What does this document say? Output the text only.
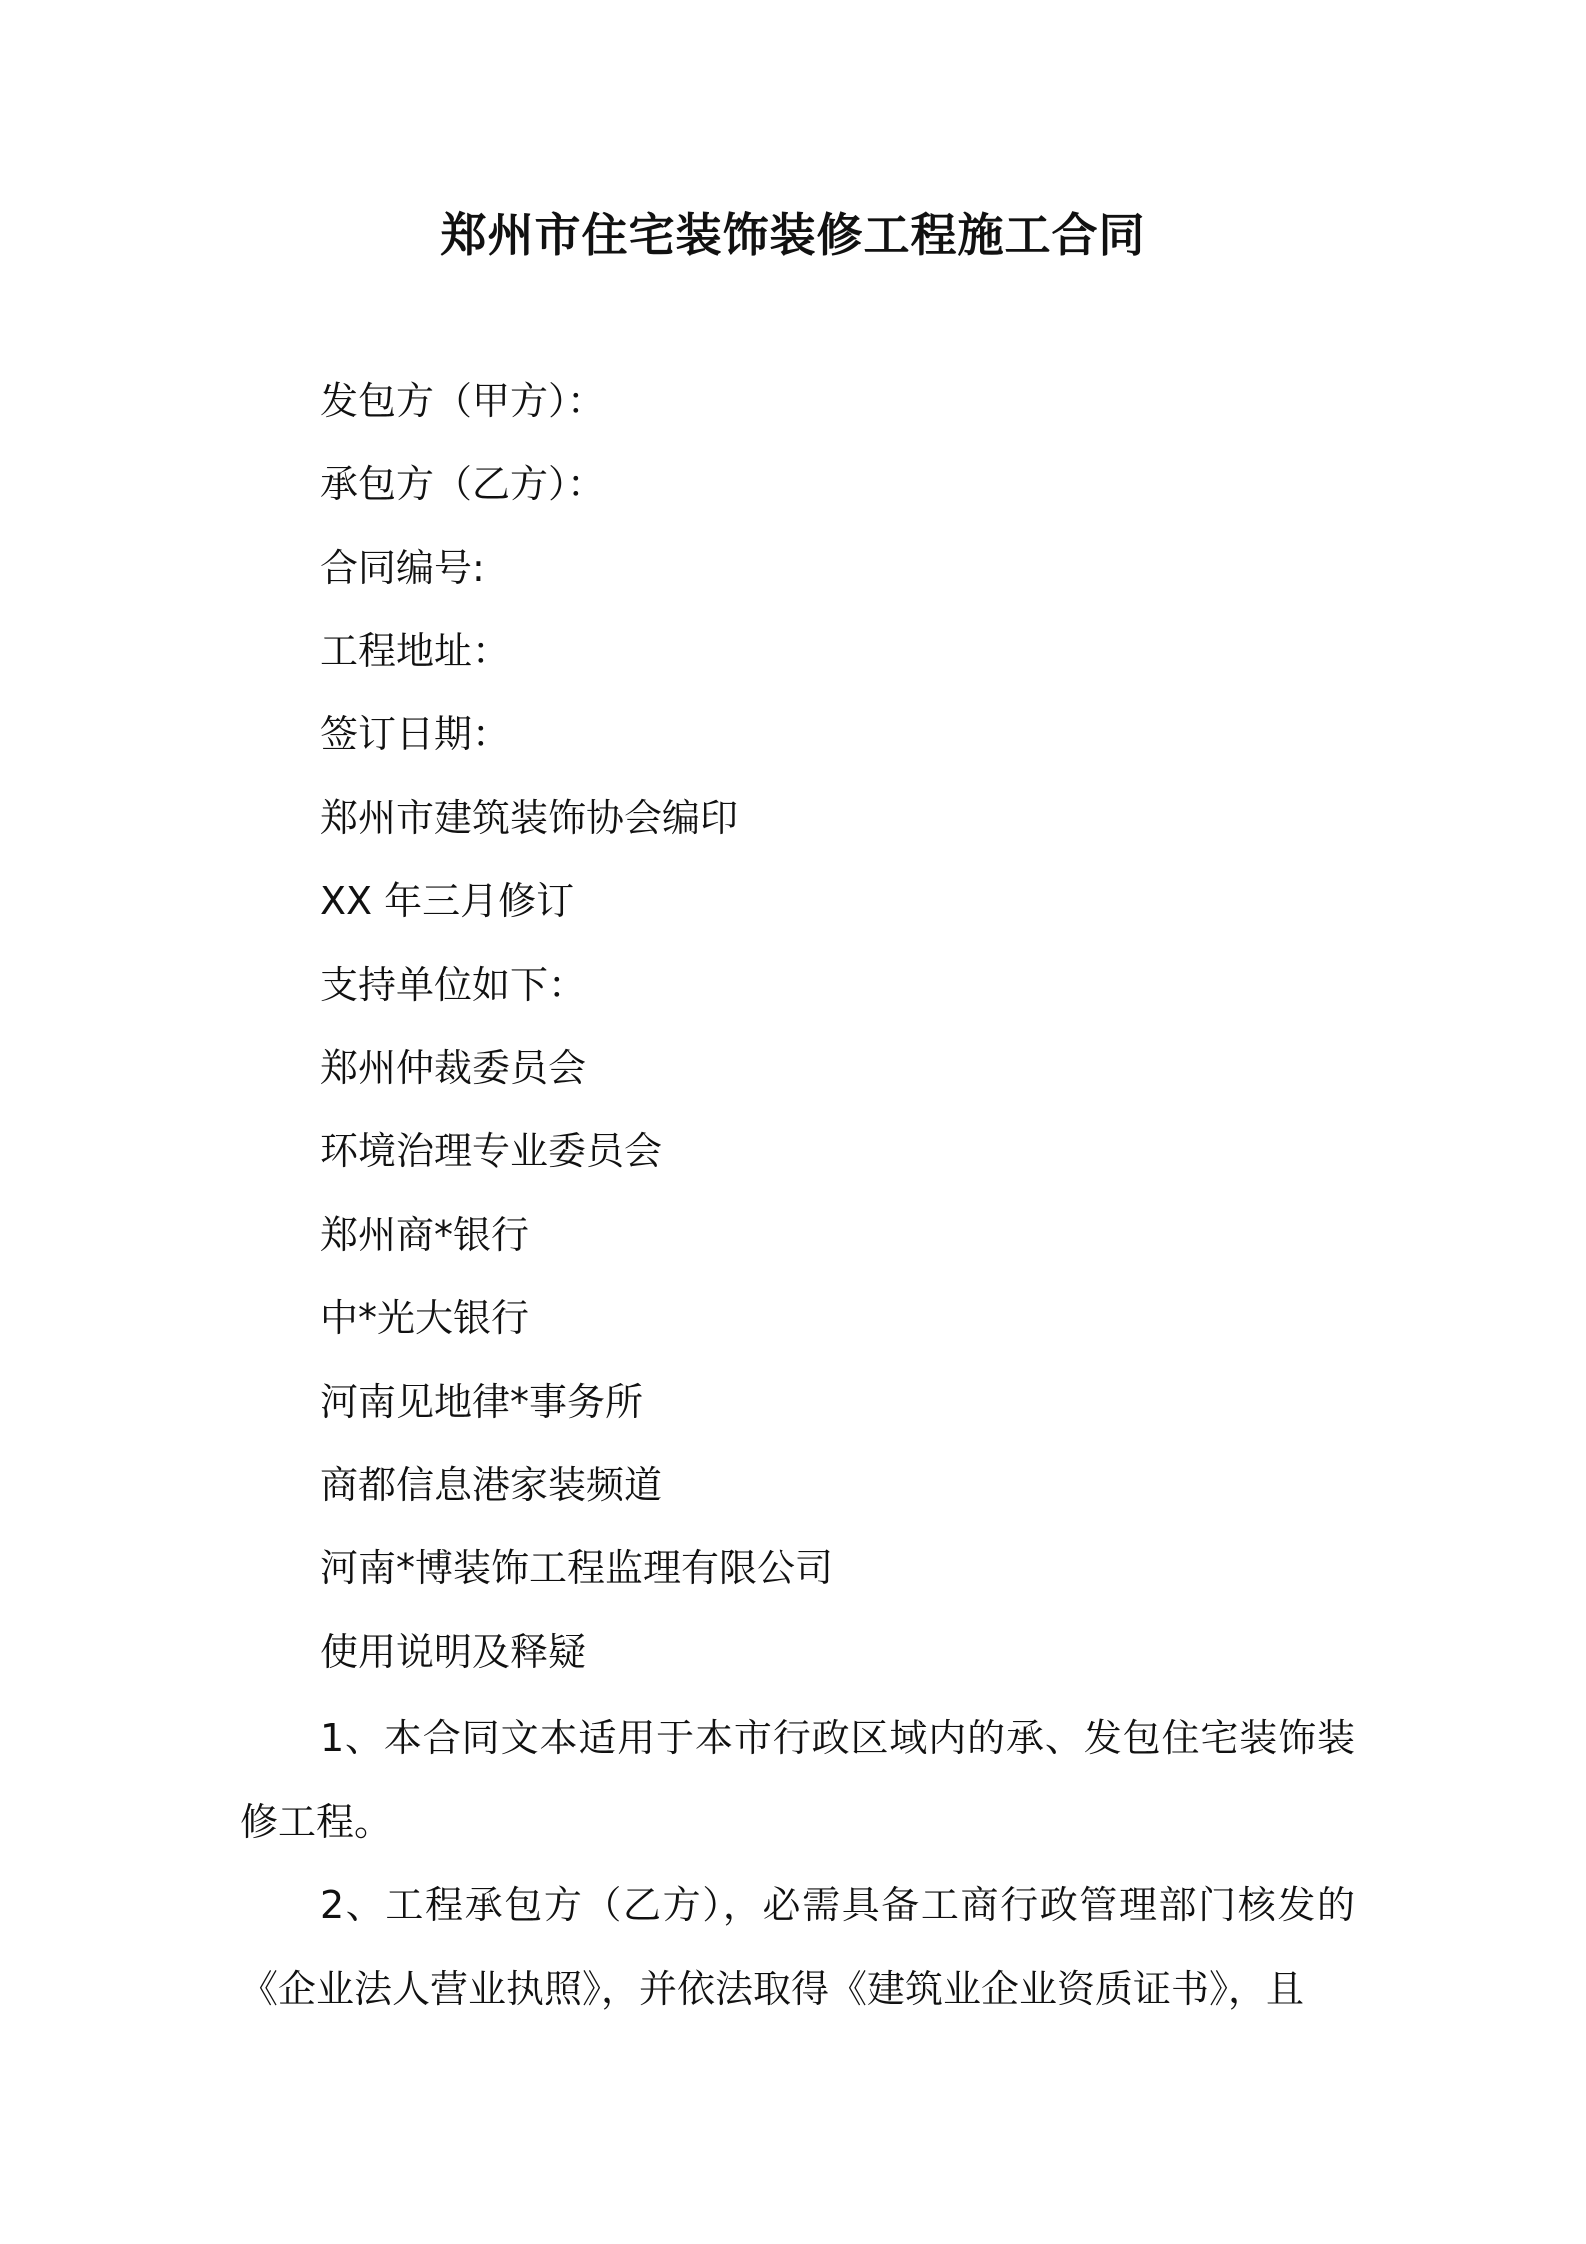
郑州市住宅装饰装修工程施工合同
发包方（甲方）：
承包方（乙方）：
合同编号:
工程地址：
签订日期：
郑州市建筑装饰协会编印
XX 年三月修订
支持单位如下：
郑州仲裁委员会
环境治理专业委员会
郑州商*银行
中*光大银行
河南见地律*事务所
商都信息港家装频道
河南*博装饰工程监理有限公司
使用说明及释疑
1、本合同文本适用于本市行政区域内的承、发包住宅装饰装修工程。
2、工程承包方（乙方），必需具备工商行政管理部门核发的《企业法人营业执照》，并依法取得《建筑业企业资质证书》，且
